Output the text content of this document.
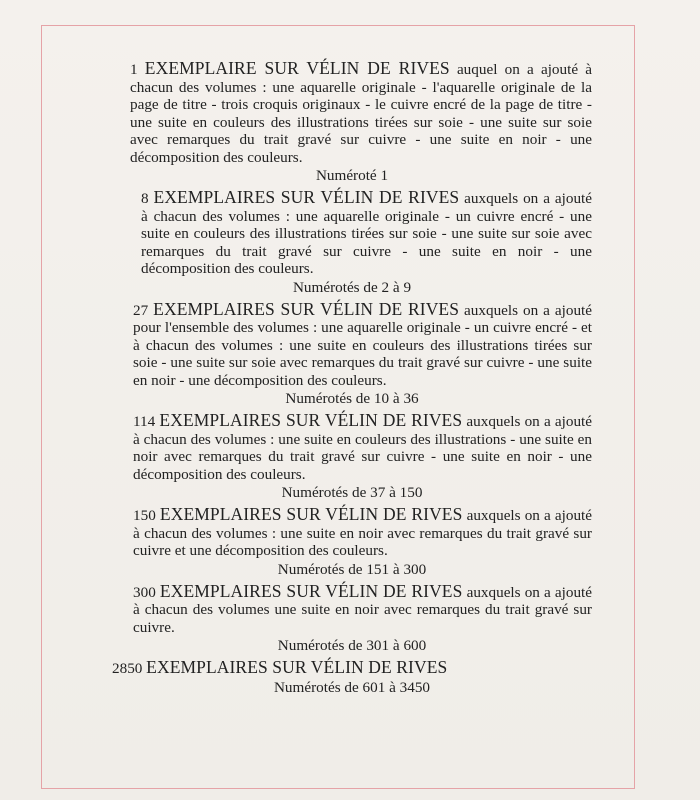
1 EXEMPLAIRE SUR VÉLIN DE RIVES auquel on a ajouté à chacun des volumes : une aquarelle originale - l'aquarelle originale de la page de titre - trois croquis originaux - le cuivre encré de la page de titre - une suite en couleurs des illustrations tirées sur soie - une suite sur soie avec remarques du trait gravé sur cuivre - une suite en noir - une décomposition des couleurs.

Numéroté 1

8 EXEMPLAIRES SUR VÉLIN DE RIVES auxquels on a ajouté à chacun des volumes : une aquarelle originale - un cuivre encré - une suite en couleurs des illustrations tirées sur soie - une suite sur soie avec remarques du trait gravé sur cuivre - une suite en noir - une décomposition des couleurs.

Numérotés de 2 à 9

27 EXEMPLAIRES SUR VÉLIN DE RIVES auxquels on a ajouté pour l'ensemble des volumes : une aquarelle originale - un cuivre encré - et à chacun des volumes : une suite en couleurs des illustrations tirées sur soie - une suite sur soie avec remarques du trait gravé sur cuivre - une suite en noir - une décomposition des couleurs.

Numérotés de 10 à 36

114 EXEMPLAIRES SUR VÉLIN DE RIVES auxquels on a ajouté à chacun des volumes : une suite en couleurs des illustrations - une suite en noir avec remarques du trait gravé sur cuivre - une suite en noir - une décomposition des couleurs.

Numérotés de 37 à 150

150 EXEMPLAIRES SUR VÉLIN DE RIVES auxquels on a ajouté à chacun des volumes : une suite en noir avec remarques du trait gravé sur cuivre et une décomposition des couleurs.

Numérotés de 151 à 300

300 EXEMPLAIRES SUR VÉLIN DE RIVES auxquels on a ajouté à chacun des volumes une suite en noir avec remarques du trait gravé sur cuivre.

Numérotés de 301 à 600

2850 EXEMPLAIRES SUR VÉLIN DE RIVES

Numérotés de 601 à 3450
